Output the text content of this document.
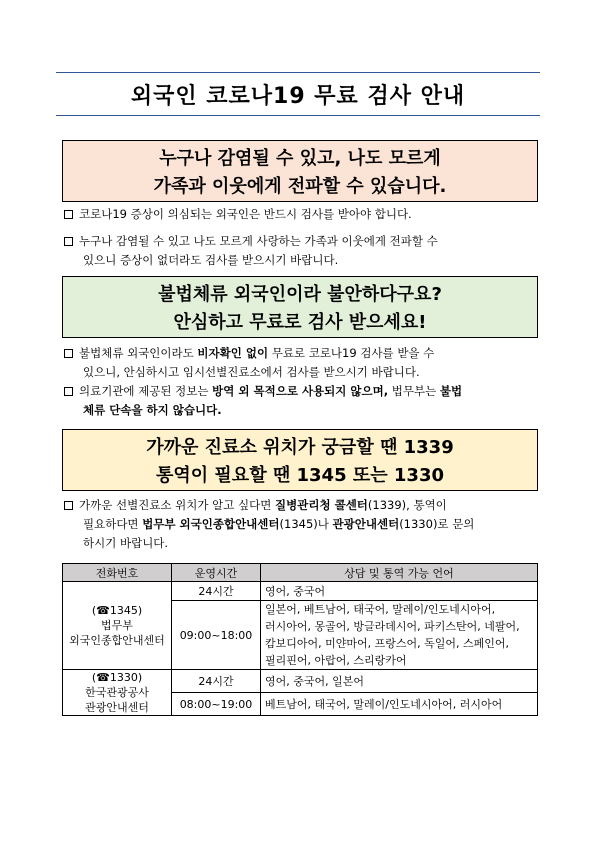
외국인 코로나19 무료 검사 안내
누구나 감염될 수 있고, 나도 모르게
가족과 이웃에게 전파할 수 있습니다.
코로나19 증상이 의심되는 외국인은 반드시 검사를 받아야 합니다.
누구나 감염될 수 있고 나도 모르게 사랑하는 가족과 이웃에게 전파할 수
있으니 증상이 없더라도 검사를 받으시기 바랍니다.
불법체류 외국인이라 불안하다구요?
안심하고 무료로 검사 받으세요!
불법체류 외국인이라도 비자확인 없이 무료로 코로나19 검사를 받을 수
있으니, 안심하시고 임시선별진료소에서 검사를 받으시기 바랍니다.
의료기관에 제공된 정보는 방역 외 목적으로 사용되지 않으며, 법무부는 불법
체류 단속을 하지 않습니다.
가까운 진료소 위치가 궁금할 땐 1339
통역이 필요할 땐 1345 또는 1330
가까운 선별진료소 위치가 알고 싶다면 질병관리청 콜센터(1339), 통역이
필요하다면 법무부 외국인종합안내센터(1345)나 관광안내센터(1330)로 문의
하시기 바랍니다.
전화번호	운영시간	상담 및 통역 가능 언어

(☎1345)
법무부
외국인종합안내센터	24시간	영어, 중국어
	09:00~18:00	일본어, 베트남어, 태국어, 말레이/인도네시아어,
러시아어, 몽골어, 방글라데시어, 파키스탄어, 네팔어,
캄보디아어, 미얀마어, 프랑스어, 독일어, 스페인어,
필리핀어, 아랍어, 스리랑카어

(☎1330)
한국관광공사
관광안내센터	24시간	영어, 중국어, 일본어
	08:00~19:00	베트남어, 태국어, 말레이/인도네시아어, 러시아어
